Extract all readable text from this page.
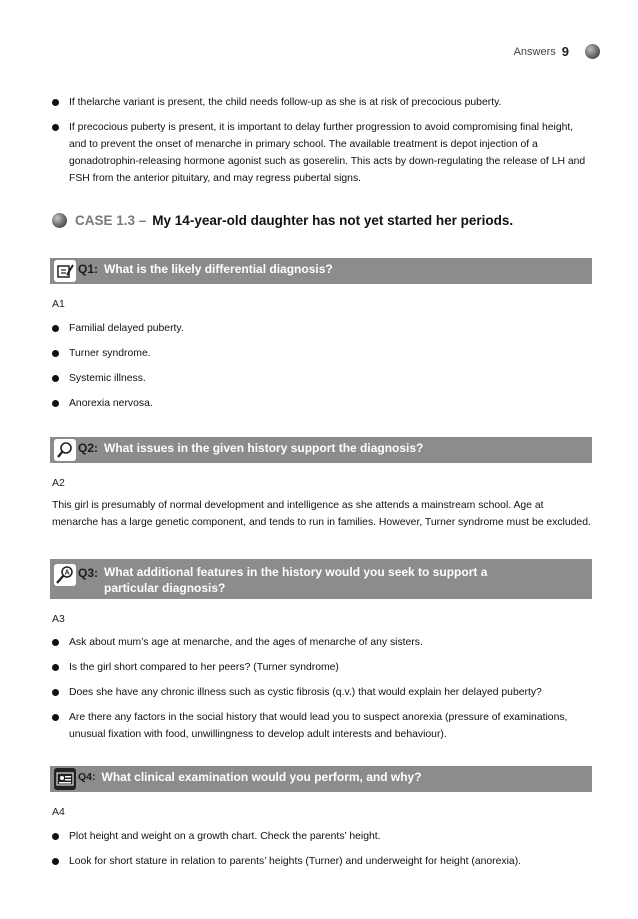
Answers 9
If thelarche variant is present, the child needs follow-up as she is at risk of precocious puberty.
If precocious puberty is present, it is important to delay further progression to avoid compromising final height, and to prevent the onset of menarche in primary school. The available treatment is depot injection of a gonadotrophin-releasing hormone agonist such as goserelin. This acts by down-regulating the release of LH and FSH from the anterior pituitary, and may regress pubertal signs.
CASE 1.3 – My 14-year-old daughter has not yet started her periods.
Q1: What is the likely differential diagnosis?
A1
Familial delayed puberty.
Turner syndrome.
Systemic illness.
Anorexia nervosa.
Q2: What issues in the given history support the diagnosis?
A2
This girl is presumably of normal development and intelligence as she attends a mainstream school. Age at menarche has a large genetic component, and tends to run in families. However, Turner syndrome must be excluded.
A Q3: What additional features in the history would you seek to support a
particular diagnosis?
A3
Ask about mum’s age at menarche, and the ages of menarche of any sisters.
Is the girl short compared to her peers? (Turner syndrome)
Does she have any chronic illness such as cystic fibrosis (q.v.) that would explain her delayed puberty?
Are there any factors in the social history that would lead you to suspect anorexia (pressure of examinations, unusual fixation with food, unwillingness to develop adult interests and behaviour).
Q4: What clinical examination would you perform, and why?
A4
Plot height and weight on a growth chart. Check the parents’ height.
Look for short stature in relation to parents’ heights (Turner) and underweight for height (anorexia).
